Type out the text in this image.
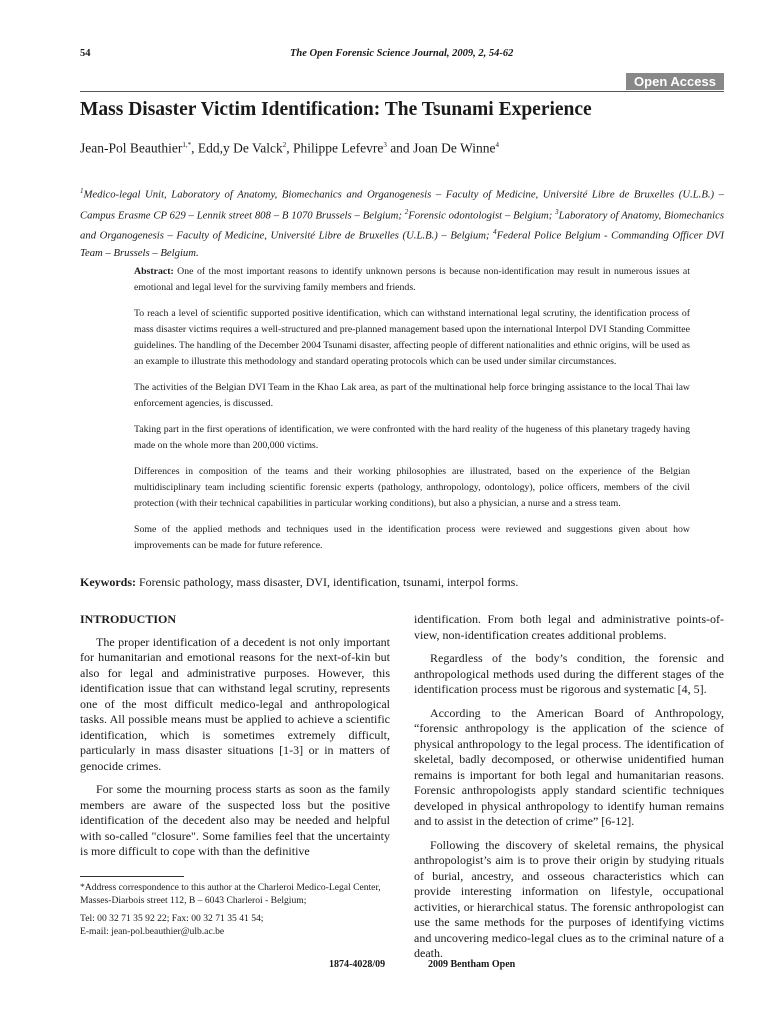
54	The Open Forensic Science Journal, 2009, 2, 54-62
Open Access
Mass Disaster Victim Identification: The Tsunami Experience
Jean-Pol Beauthier$^{1,*}$, Edd,y De Valck$^2$, Philippe Lefevre$^3$ and Joan De Winne$^4$
$^1$Medico-legal Unit, Laboratory of Anatomy, Biomechanics and Organogenesis – Faculty of Medicine, Université Libre de Bruxelles (U.L.B.) – Campus Erasme CP 629 – Lennik street 808 – B 1070 Brussels – Belgium; $^2$Forensic odontologist – Belgium; $^3$Laboratory of Anatomy, Biomechanics and Organogenesis – Faculty of Medicine, Université Libre de Bruxelles (U.L.B.) – Belgium; $^4$Federal Police Belgium - Commanding Officer DVI Team – Brussels – Belgium.

Abstract: One of the most important reasons to identify unknown persons is because non-identification may result in numerous issues at emotional and legal level for the surviving family members and friends.

To reach a level of scientific supported positive identification, which can withstand international legal scrutiny, the identification process of mass disaster victims requires a well-structured and pre-planned management based upon the international Interpol DVI Standing Committee guidelines. The handling of the December 2004 Tsunami disaster, affecting people of different nationalities and ethnic origins, will be used as an example to illustrate this methodology and standard operating protocols which can be used under similar circumstances.

The activities of the Belgian DVI Team in the Khao Lak area, as part of the multinational help force bringing assistance to the local Thai law enforcement agencies, is discussed.

Taking part in the first operations of identification, we were confronted with the hard reality of the hugeness of this planetary tragedy having made on the whole more than 200,000 victims.

Differences in composition of the teams and their working philosophies are illustrated, based on the experience of the Belgian multidisciplinary team including scientific forensic experts (pathology, anthropology, odontology), police officers, members of the civil protection (with their technical capabilities in particular working conditions), but also a physician, a nurse and a stress team.

Some of the applied methods and techniques used in the identification process were reviewed and suggestions given about how improvements can be made for future reference.

Keywords: Forensic pathology, mass disaster, DVI, identification, tsunami, interpol forms.
INTRODUCTION

The proper identification of a decedent is not only important for humanitarian and emotional reasons for the next-of-kin but also for legal and administrative purposes. However, this identification issue that can withstand legal scrutiny, represents one of the most difficult medico-legal and anthropological tasks. All possible means must be applied to achieve a scientific identification, which is sometimes extremely difficult, particularly in mass disaster situations [1-3] or in matters of genocide crimes.

For some the mourning process starts as soon as the family members are aware of the suspected loss but the positive identification of the decedent also may be needed and helpful with so-called "closure". Some families feel that the uncertainty is more difficult to cope with than the definitive

identification. From both legal and administrative points-of-view, non-identification creates additional problems.

Regardless of the body’s condition, the forensic and anthropological methods used during the different stages of the identification process must be rigorous and systematic [4, 5].

According to the American Board of Anthropology, “forensic anthropology is the application of the science of physical anthropology to the legal process. The identification of skeletal, badly decomposed, or otherwise unidentified human remains is important for both legal and humanitarian reasons. Forensic anthropologists apply standard scientific techniques developed in physical anthropology to identify human remains and to assist in the detection of crime” [6-12].

Following the discovery of skeletal remains, the physical anthropologist’s aim is to prove their origin by studying rituals of burial, ancestry, and osseous characteristics which can provide interesting information on lifestyle, occupational activities, or hierarchical status. The forensic anthropologist can use the same methods for the purposes of identifying victims and uncovering medico-legal clues as to the criminal nature of a death.

*Address correspondence to this author at the Charleroi Medico-Legal Center, Masses-Diarbois street 112, B – 6043 Charleroi - Belgium;
Tel: 00 32 71 35 92 22; Fax: 00 32 71 35 41 54;
E-mail: jean-pol.beauthier@ulb.ac.be
1874-4028/09	2009 Bentham Open
